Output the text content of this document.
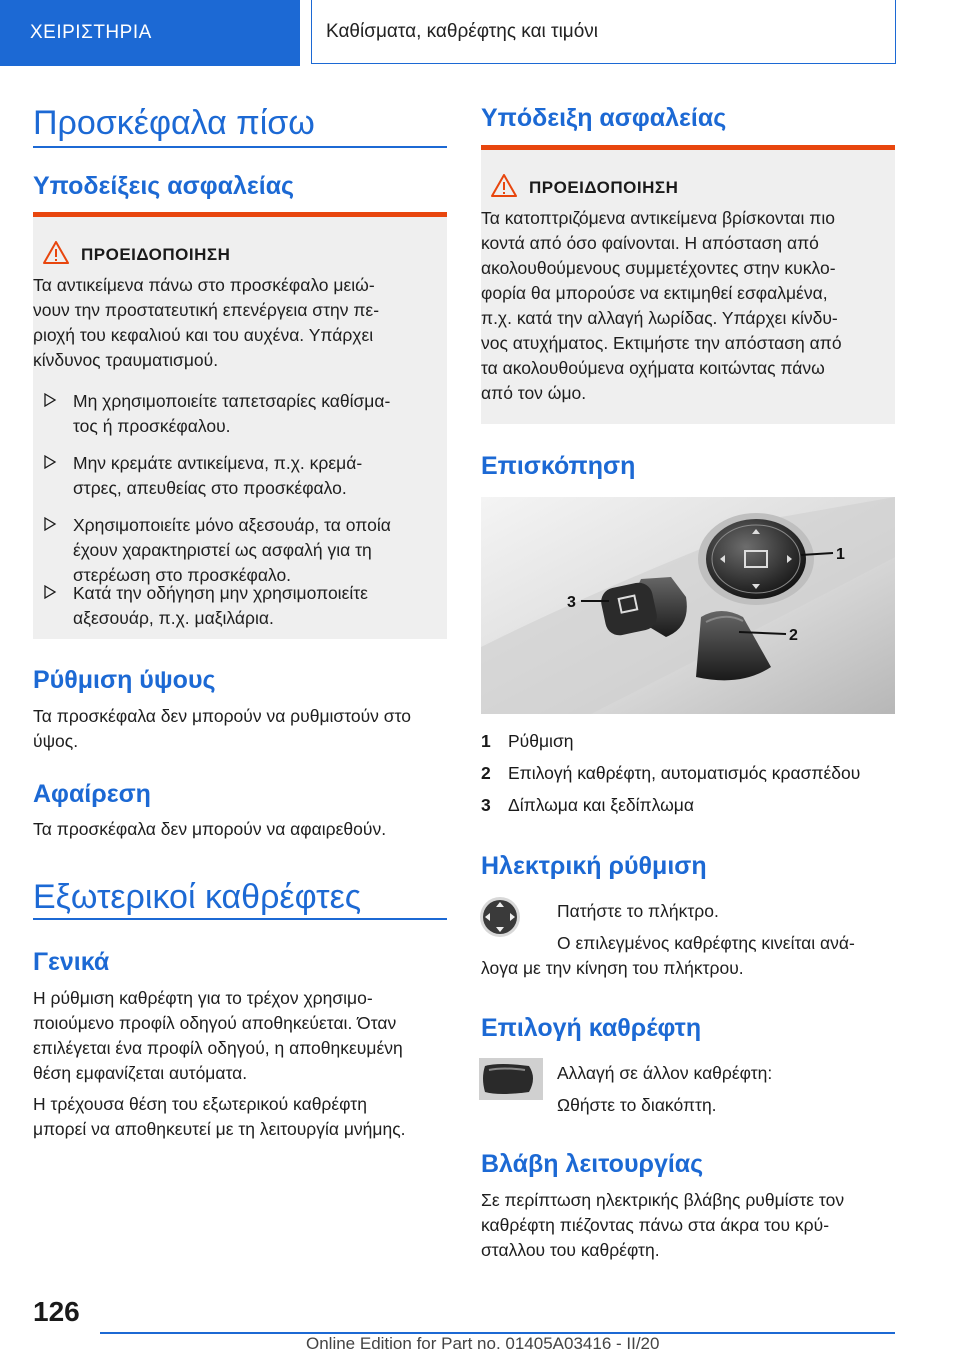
ΧΕΙΡΙΣΤΗΡΙΑ	Καθίσματα, καθρέφτης και τιμόνι
Προσκέφαλα πίσω
Υποδείξεις ασφαλείας
ΠΡΟΕΙΔΟΠΟΙΗΣΗ
Τα αντικείμενα πάνω στο προσκέφαλο μειώ-
νουν την προστατευτική επενέργεια στην πε-
ριοχή του κεφαλιού και του αυχένα. Υπάρχει
κίνδυνος τραυματισμού.
Μη χρησιμοποιείτε ταπετσαρίες καθίσμα-
τος ή προσκέφαλου.
Μην κρεμάτε αντικείμενα, π.χ. κρεμά-
στρες, απευθείας στο προσκέφαλο.
Χρησιμοποιείτε μόνο αξεσουάρ, τα οποία
έχουν χαρακτηριστεί ως ασφαλή για τη
στερέωση στο προσκέφαλο.
Κατά την οδήγηση μην χρησιμοποιείτε
αξεσουάρ, π.χ. μαξιλάρια.
Ρύθμιση ύψους
Τα προσκέφαλα δεν μπορούν να ρυθμιστούν στο
ύψος.
Αφαίρεση
Τα προσκέφαλα δεν μπορούν να αφαιρεθούν.
Εξωτερικοί καθρέφτες
Γενικά
Η ρύθμιση καθρέφτη για το τρέχον χρησιμο-
ποιούμενο προφίλ οδηγού αποθηκεύεται. Όταν
επιλέγεται ένα προφίλ οδηγού, η αποθηκευμένη
θέση εμφανίζεται αυτόματα.
Η τρέχουσα θέση του εξωτερικού καθρέφτη
μπορεί να αποθηκευτεί με τη λειτουργία μνήμης.
Υπόδειξη ασφαλείας
ΠΡΟΕΙΔΟΠΟΙΗΣΗ
Τα κατοπτριζόμενα αντικείμενα βρίσκονται πιο
κοντά από όσο φαίνονται. Η απόσταση από
ακολουθούμενους συμμετέχοντες στην κυκλο-
φορία θα μπορούσε να εκτιμηθεί εσφαλμένα,
π.χ. κατά την αλλαγή λωρίδας. Υπάρχει κίνδυ-
νος ατυχήματος. Εκτιμήστε την απόσταση από
τα ακολουθούμενα οχήματα κοιτώντας πάνω
από τον ώμο.
Επισκόπηση
1
2
3
1 Ρύθμιση
2 Επιλογή καθρέφτη, αυτοματισμός κρασπέδου
3 Δίπλωμα και ξεδίπλωμα
Ηλεκτρική ρύθμιση
Πατήστε το πλήκτρο.
Ο επιλεγμένος καθρέφτης κινείται ανά-
λογα με την κίνηση του πλήκτρου.
Επιλογή καθρέφτη
Αλλαγή σε άλλον καθρέφτη:
Ωθήστε το διακόπτη.
Βλάβη λειτουργίας
Σε περίπτωση ηλεκτρικής βλάβης ρυθμίστε τον
καθρέφτη πιέζοντας πάνω στα άκρα του κρύ-
σταλλου του καθρέφτη.
126
Online Edition for Part no. 01405A03416 - II/20
